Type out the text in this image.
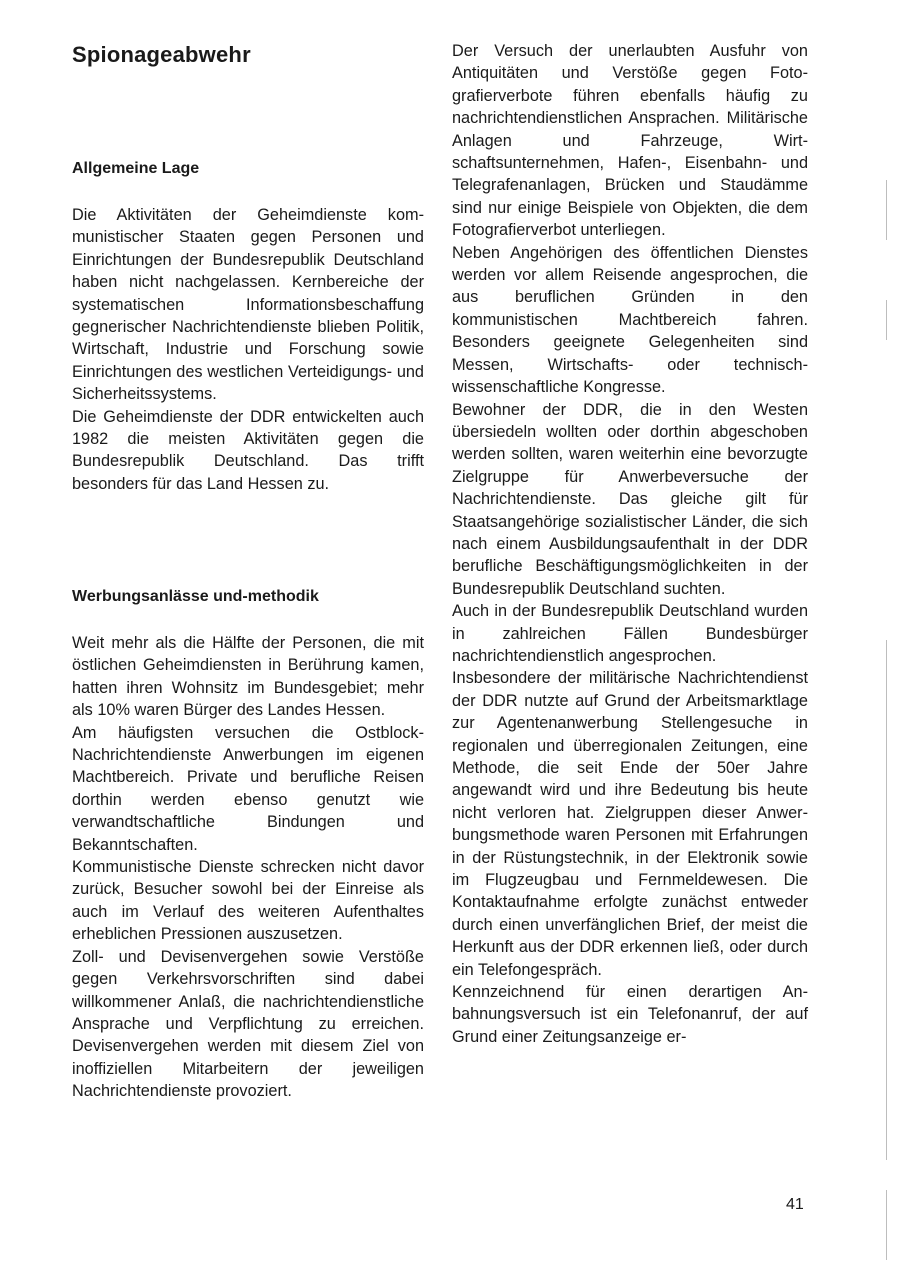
Spionageabwehr
Allgemeine Lage

Die Aktivitäten der Geheimdienste kommunistischer Staaten gegen Personen und Einrichtungen der Bundesrepublik Deutschland haben nicht nachgelassen. Kernbereiche der systematischen Informationsbeschaffung gegnerischer Nachrichtendienste blieben Politik, Wirtschaft, Industrie und Forschung sowie Einrichtungen des westlichen Verteidigungs- und Sicherheitssystems.

Die Geheimdienste der DDR entwickelten auch 1982 die meisten Aktivitäten gegen die Bundesrepublik Deutschland. Das trifft besonders für das Land Hessen zu.

Werbungsanlässe und-methodik

Weit mehr als die Hälfte der Personen, die mit östlichen Geheimdiensten in Berührung kamen, hatten ihren Wohnsitz im Bundesgebiet; mehr als 10% waren Bürger des Landes Hessen.

Am häufigsten versuchen die Ostblock-Nachrichtendienste Anwerbungen im eigenen Machtbereich. Private und berufliche Reisen dorthin werden ebenso genutzt wie verwandtschaftliche Bindungen und Bekanntschaften.

Kommunistische Dienste schrecken nicht davor zurück, Besucher sowohl bei der Einreise als auch im Verlauf des weiteren Aufenthaltes erheblichen Pressionen auszusetzen.

Zoll- und Devisenvergehen sowie Verstöße gegen Verkehrsvorschriften sind dabei willkommener Anlaß, die nachrichtendienstliche Ansprache und Verpflichtung zu erreichen. Devisenvergehen werden mit diesem Ziel von inoffiziellen Mitarbeitern der jeweiligen Nachrichtendienste provoziert.

Der Versuch der unerlaubten Ausfuhr von Antiquitäten und Verstöße gegen Fotografierverbote führen ebenfalls häufig zu nachrichtendienstlichen Ansprachen. Militärische Anlagen und Fahrzeuge, Wirtschaftsunternehmen, Hafen-, Eisenbahn- und Telegrafenanlagen, Brücken und Staudämme sind nur einige Beispiele von Objekten, die dem Fotografierverbot unterliegen.

Neben Angehörigen des öffentlichen Dienstes werden vor allem Reisende angesprochen, die aus beruflichen Gründen in den kommunistischen Machtbereich fahren. Besonders geeignete Gelegenheiten sind Messen, Wirtschafts- oder technisch-wissenschaftliche Kongresse.

Bewohner der DDR, die in den Westen übersiedeln wollten oder dorthin abgeschoben werden sollten, waren weiterhin eine bevorzugte Zielgruppe für Anwerbeversuche der Nachrichtendienste. Das gleiche gilt für Staatsangehörige sozialistischer Länder, die sich nach einem Ausbildungsaufenthalt in der DDR berufliche Beschäftigungsmöglichkeiten in der Bundesrepublik Deutschland suchten.

Auch in der Bundesrepublik Deutschland wurden in zahlreichen Fällen Bundesbürger nachrichtendienstlich angesprochen.

Insbesondere der militärische Nachrichtendienst der DDR nutzte auf Grund der Arbeitsmarktlage zur Agentenanwerbung Stellengesuche in regionalen und überregionalen Zeitungen, eine Methode, die seit Ende der 50er Jahre angewandt wird und ihre Bedeutung bis heute nicht verloren hat. Zielgruppen dieser Anwerbungsmethode waren Personen mit Erfahrungen in der Rüstungstechnik, in der Elektronik sowie im Flugzeugbau und Fernmeldewesen. Die Kontaktaufnahme erfolgte zunächst entweder durch einen unverfänglichen Brief, der meist die Herkunft aus der DDR erkennen ließ, oder durch ein Telefongespräch.

Kennzeichnend für einen derartigen Anbahnungsversuch ist ein Telefonanruf, der auf Grund einer Zeitungsanzeige er-

41
